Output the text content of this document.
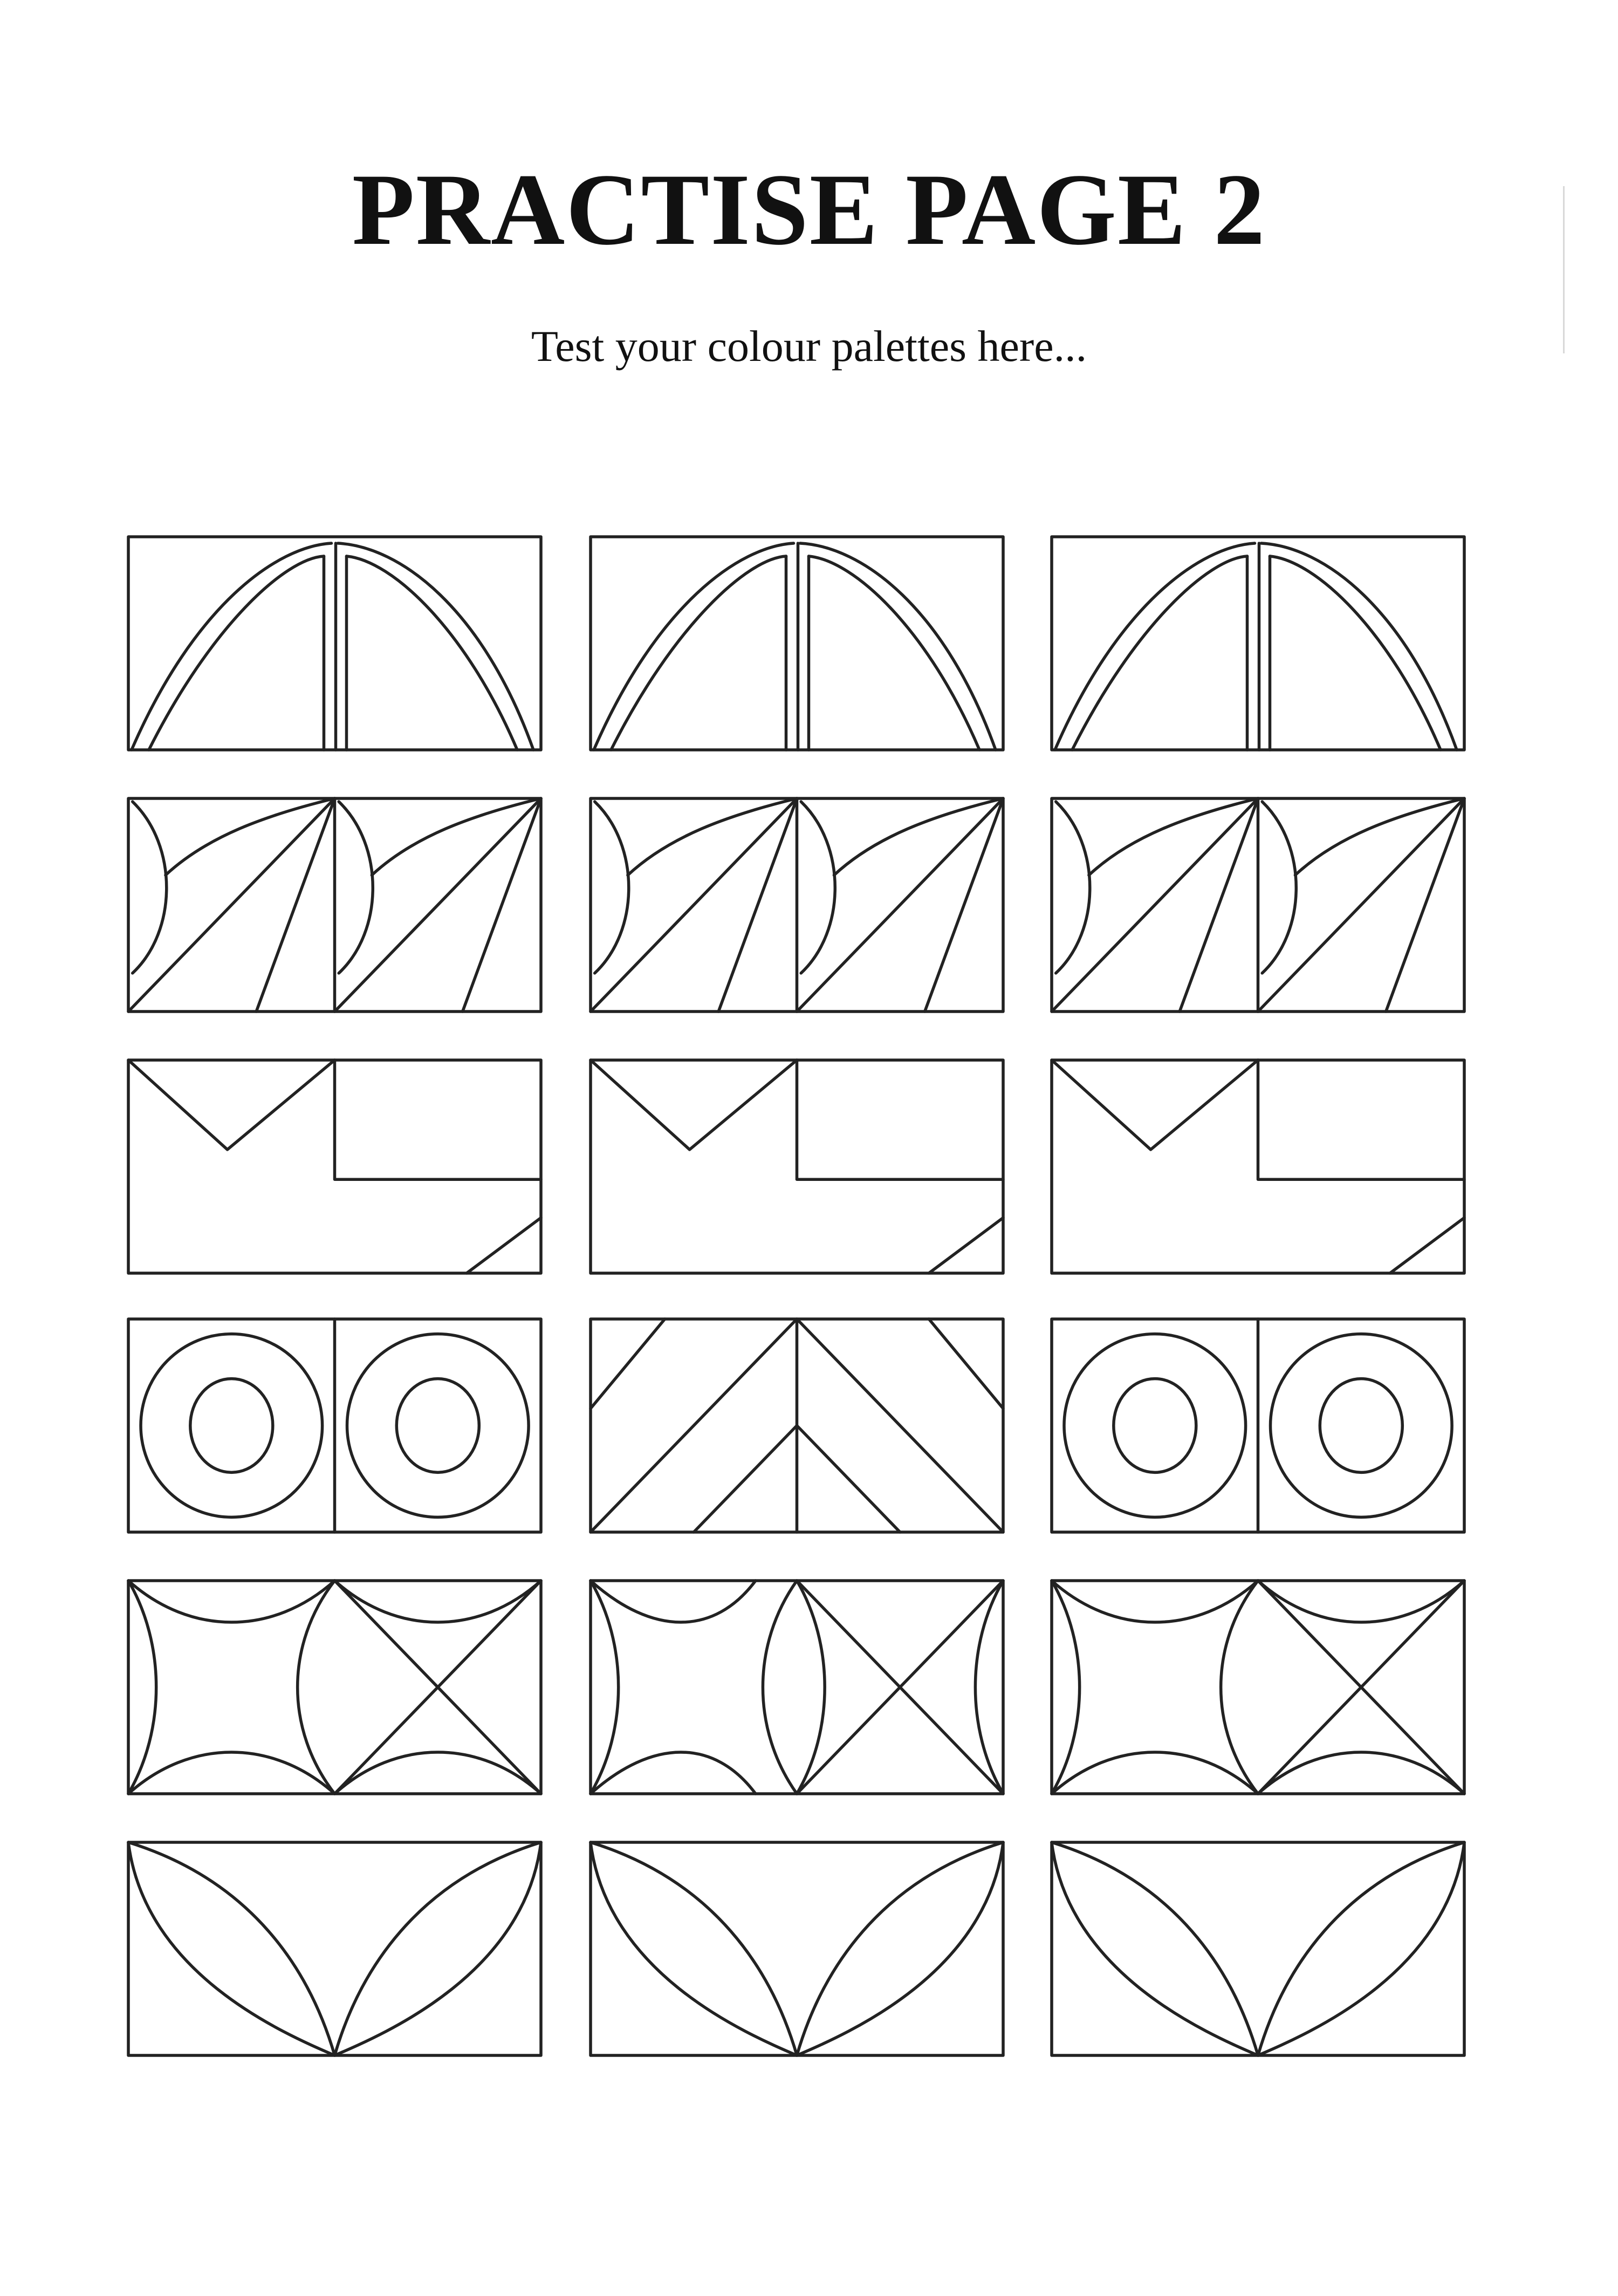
PRACTISE PAGE 2

Test your colour palettes here...
